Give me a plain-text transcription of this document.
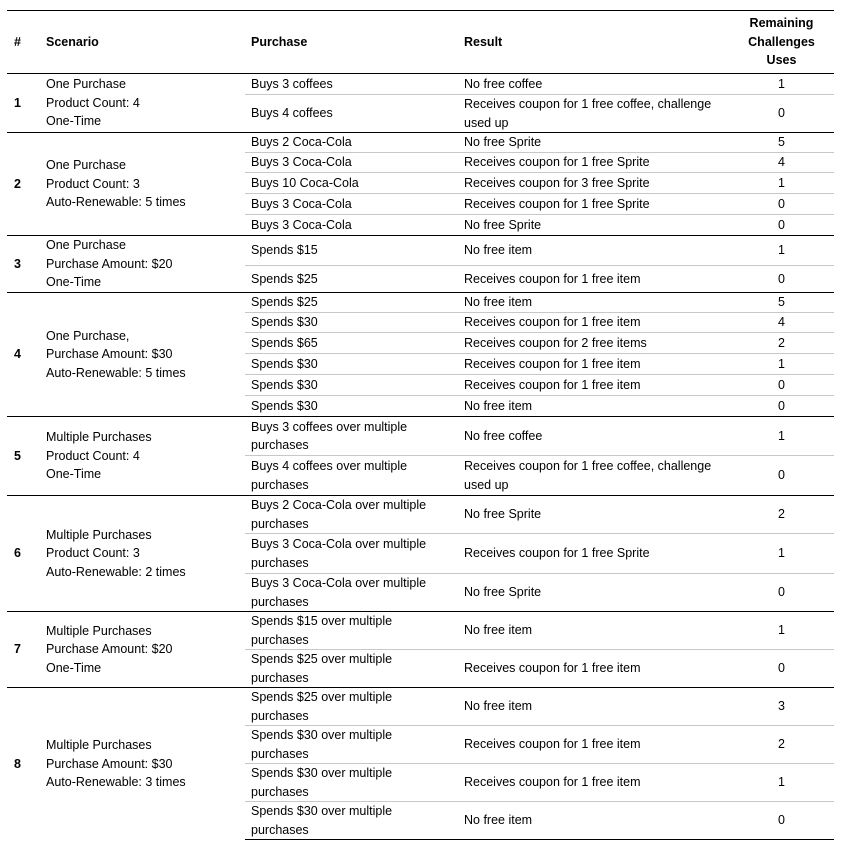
#	Scenario	Purchase	Result	Remaining
Challenges
Uses

1	One Purchase
Product Count: 4
One-Time	Buys 3 coffees	No free coffee	1
		Buys 4 coffees	Receives coupon for 1 free coffee, challenge used up	0
2	One Purchase
Product Count: 3
Auto-Renewable: 5 times	Buys 2 Coca-Cola	No free Sprite	5
		Buys 3 Coca-Cola	Receives coupon for 1 free Sprite	4
		Buys 10 Coca-Cola	Receives coupon for 3 free Sprite	1
		Buys 3 Coca-Cola	Receives coupon for 1 free Sprite	0
		Buys 3 Coca-Cola	No free Sprite	0
3	One Purchase
Purchase Amount: $20
One-Time	Spends $15	No free item	1
		Spends $25	Receives coupon for 1 free item	0
4	One Purchase,
Purchase Amount: $30
Auto-Renewable: 5 times	Spends $25	No free item	5
		Spends $30	Receives coupon for 1 free item	4
		Spends $65	Receives coupon for 2 free items	2
		Spends $30	Receives coupon for 1 free item	1
		Spends $30	Receives coupon for 1 free item	0
		Spends $30	No free item	0
5	Multiple Purchases
Product Count: 4
One-Time	Buys 3 coffees over multiple purchases	No free coffee	1
		Buys 4 coffees over multiple purchases	Receives coupon for 1 free coffee, challenge used up	0
6	Multiple Purchases
Product Count: 3
Auto-Renewable: 2 times	Buys 2 Coca-Cola over multiple purchases	No free Sprite	2
		Buys 3 Coca-Cola over multiple purchases	Receives coupon for 1 free Sprite	1
		Buys 3 Coca-Cola over multiple purchases	No free Sprite	0
7	Multiple Purchases
Purchase Amount: $20
One-Time	Spends $15 over multiple purchases	No free item	1
		Spends $25 over multiple purchases	Receives coupon for 1 free item	0
8	Multiple Purchases
Purchase Amount: $30
Auto-Renewable: 3 times	Spends $25 over multiple purchases	No free item	3
		Spends $30 over multiple purchases	Receives coupon for 1 free item	2
		Spends $30 over multiple purchases	Receives coupon for 1 free item	1
		Spends $30 over multiple purchases	No free item	0
